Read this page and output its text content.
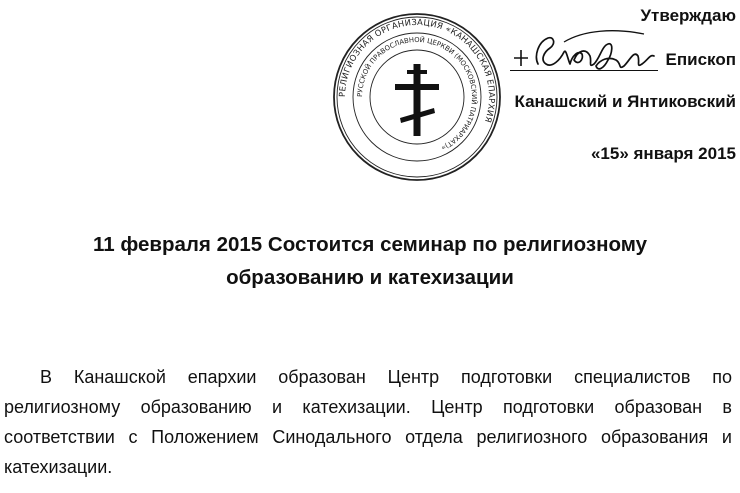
Утверждаю
Епископ
Канашский и Янтиковский
«15» января 2015
РЕЛИГИОЗНАЯ ОРГАНИЗАЦИЯ «КАНАШСКАЯ ЕПАРХИЯ
РУССКОЙ ПРАВОСЛАВНОЙ ЦЕРКВИ (МОСКОВСКИЙ ПАТРИАРХАТ)»
11 февраля 2015 Состоится семинар по религиозному
образованию и катехизации

В Канашской епархии образован Центр подготовки специалистов по религиозному образованию и катехизации. Центр подготовки образован в соответствии с Положением Синодального отдела религиозного образования и катехизации.
